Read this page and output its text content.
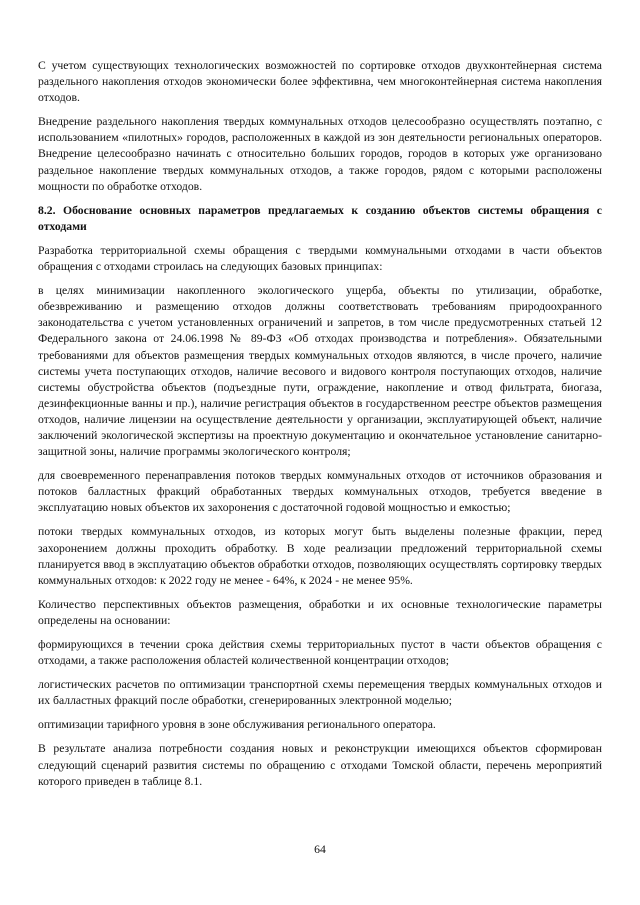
С учетом существующих технологических возможностей по сортировке отходов двухконтейнерная система раздельного накопления отходов экономически более эффективна, чем многоконтейнерная система накопления отходов.

Внедрение раздельного накопления твердых коммунальных отходов целесообразно осуществлять поэтапно, с использованием «пилотных» городов, расположенных в каждой из зон деятельности региональных операторов. Внедрение целесообразно начинать с относительно больших городов, городов в которых уже организовано раздельное накопление твердых коммунальных отходов, а также городов, рядом с которыми расположены мощности по обработке отходов.

8.2. Обоснование основных параметров предлагаемых к созданию объектов системы обращения с отходами

Разработка территориальной схемы обращения с твердыми коммунальными отходами в части объектов обращения с отходами строилась на следующих базовых принципах:

в целях минимизации накопленного экологического ущерба, объекты по утилизации, обработке, обезвреживанию и размещению отходов должны соответствовать требованиям природоохранного законодательства с учетом установленных ограничений и запретов, в том числе предусмотренных статьей 12 Федерального закона от 24.06.1998 № 89-ФЗ «Об отходах производства и потребления». Обязательными требованиями для объектов размещения твердых коммунальных отходов являются, в числе прочего, наличие системы учета поступающих отходов, наличие весового и видового контроля поступающих отходов, наличие системы обустройства объектов (подъездные пути, ограждение, накопление и отвод фильтрата, биогаза, дезинфекционные ванны и пр.), наличие регистрация объектов в государственном реестре объектов размещения отходов, наличие лицензии на осуществление деятельности у организации, эксплуатирующей объект, наличие заключений экологической экспертизы на проектную документацию и окончательное установление санитарно-защитной зоны, наличие программы экологического контроля;

для своевременного перенаправления потоков твердых коммунальных отходов от источников образования и потоков балластных фракций обработанных твердых коммунальных отходов, требуется введение в эксплуатацию новых объектов их захоронения с достаточной годовой мощностью и емкостью;

потоки твердых коммунальных отходов, из которых могут быть выделены полезные фракции, перед захоронением должны проходить обработку. В ходе реализации предложений территориальной схемы планируется ввод в эксплуатацию объектов обработки отходов, позволяющих осуществлять сортировку твердых коммунальных отходов: к 2022 году не менее - 64%, к 2024 - не менее 95%.

Количество перспективных объектов размещения, обработки и их основные технологические параметры определены на основании:

формирующихся в течении срока действия схемы территориальных пустот в части объектов обращения с отходами, а также расположения областей количественной концентрации отходов;

логистических расчетов по оптимизации транспортной схемы перемещения твердых коммунальных отходов и их балластных фракций после обработки, сгенерированных электронной моделью;

оптимизации тарифного уровня в зоне обслуживания регионального оператора.

В результате анализа потребности создания новых и реконструкции имеющихся объектов сформирован следующий сценарий развития системы по обращению с отходами Томской области, перечень мероприятий которого приведен в таблице 8.1.

64
